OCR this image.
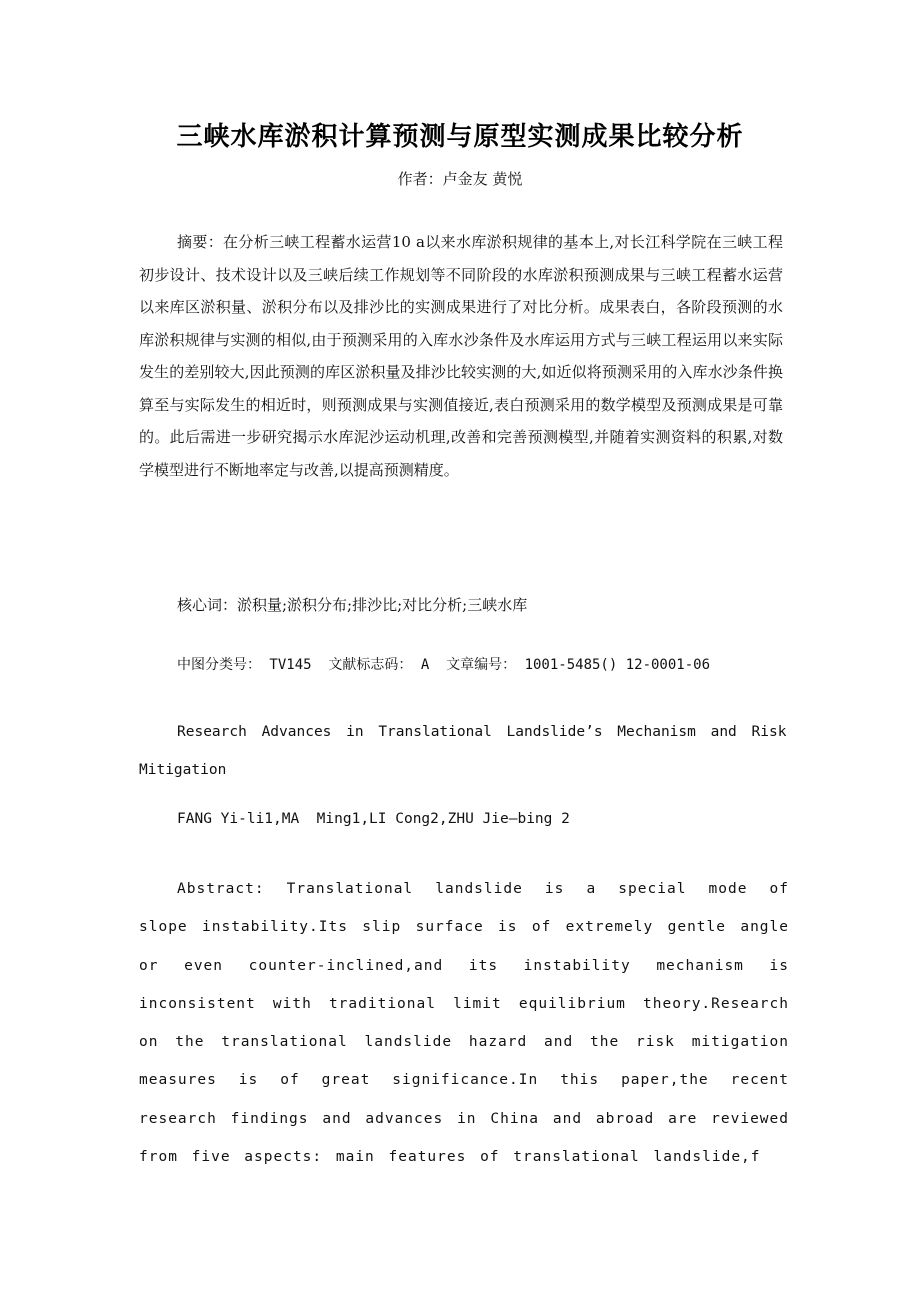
三峡水库淤积计算预测与原型实测成果比较分析
作者：卢金友 黄悦

摘要：在分析三峡工程蓄水运营10 a以来水库淤积规律的基本上,对长江科学院在三峡工程初步设计、技术设计以及三峡后续工作规划等不同阶段的水库淤积预测成果与三峡工程蓄水运营以来库区淤积量、淤积分布以及排沙比的实测成果进行了对比分析。成果表白，各阶段预测的水库淤积规律与实测的相似,由于预测采用的入库水沙条件及水库运用方式与三峡工程运用以来实际发生的差别较大,因此预测的库区淤积量及排沙比较实测的大,如近似将预测采用的入库水沙条件换算至与实际发生的相近时，则预测成果与实测值接近,表白预测采用的数学模型及预测成果是可靠的。此后需进一步研究揭示水库泥沙运动机理,改善和完善预测模型,并随着实测资料的积累,对数学模型进行不断地率定与改善,以提高预测精度。

核心词：淤积量;淤积分布;排沙比;对比分析;三峡水库
中图分类号： TV145  文献标志码： A  文章编号： 1001-5485() 12-0001-06

Research Advances in Translational Landslide’s Mechanism and Risk Mitigation

FANG Yi-li1,MA  Ming1,LI Cong2,ZHU Jie—bing 2

Abstract: Translational landslide is a special mode of slope instability.Its slip surface is of extremely gentle angle or even counter-inclined,and its instability mechanism is inconsistent with traditional limit equilibrium theory.Research on the translational landslide hazard and the risk mitigation measures is of great significance.In this paper,the recent research findings and advances in China and abroad are reviewed from five aspects: main features of translational landslide,f
